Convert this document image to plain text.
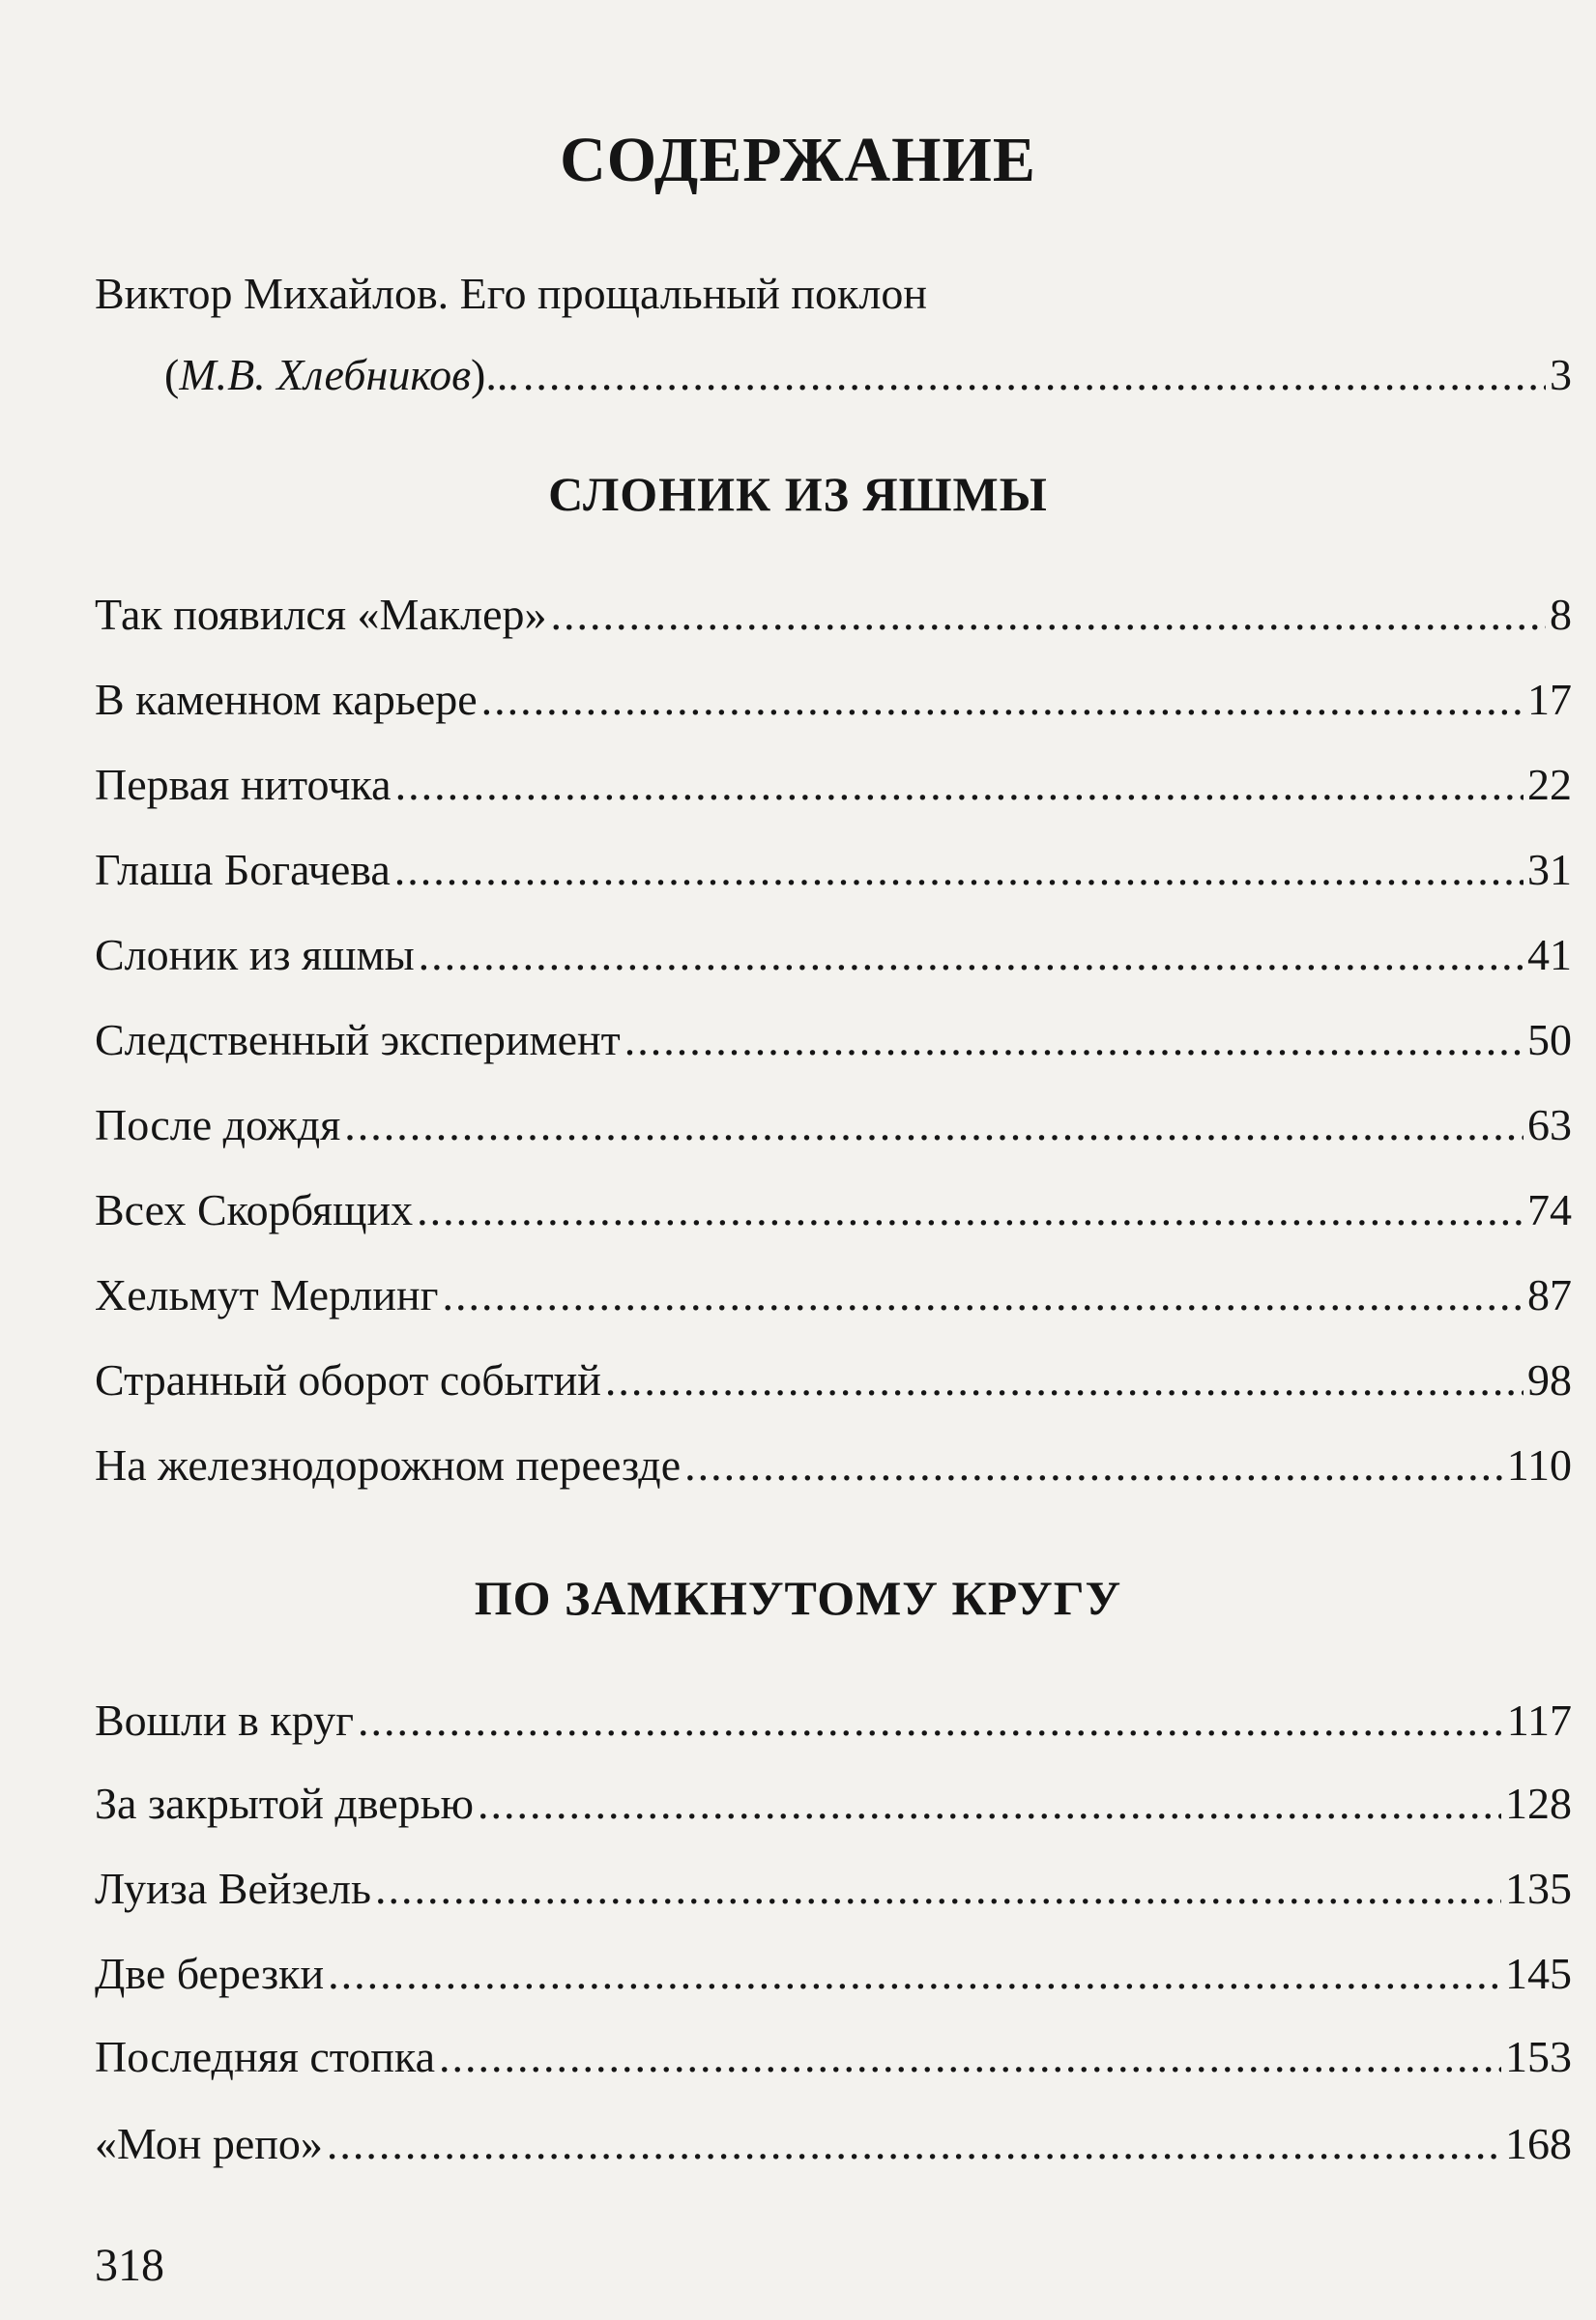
СОДЕРЖАНИЕ
Виктор Михайлов. Его прощальный поклон
(М.В. Хлебников)... .....	3
СЛОНИК ИЗ ЯШМЫ
Так появился «Маклер» .....	8
В каменном карьере .....	17
Первая ниточка .....	22
Глаша Богачева .....	31
Слоник из яшмы .....	41
Следственный эксперимент .....	50
После дождя .....	63
Всех Скорбящих .....	74
Хельмут Мерлинг .....	87
Странный оборот событий .....	98
На железнодорожном переезде .....	110
ПО ЗАМКНУТОМУ КРУГУ
Вошли в круг .....	117
За закрытой дверью .....	128
Луиза Вейзель .....	135
Две березки .....	145
Последняя стопка .....	153
«Мон репо» .....	168
318
